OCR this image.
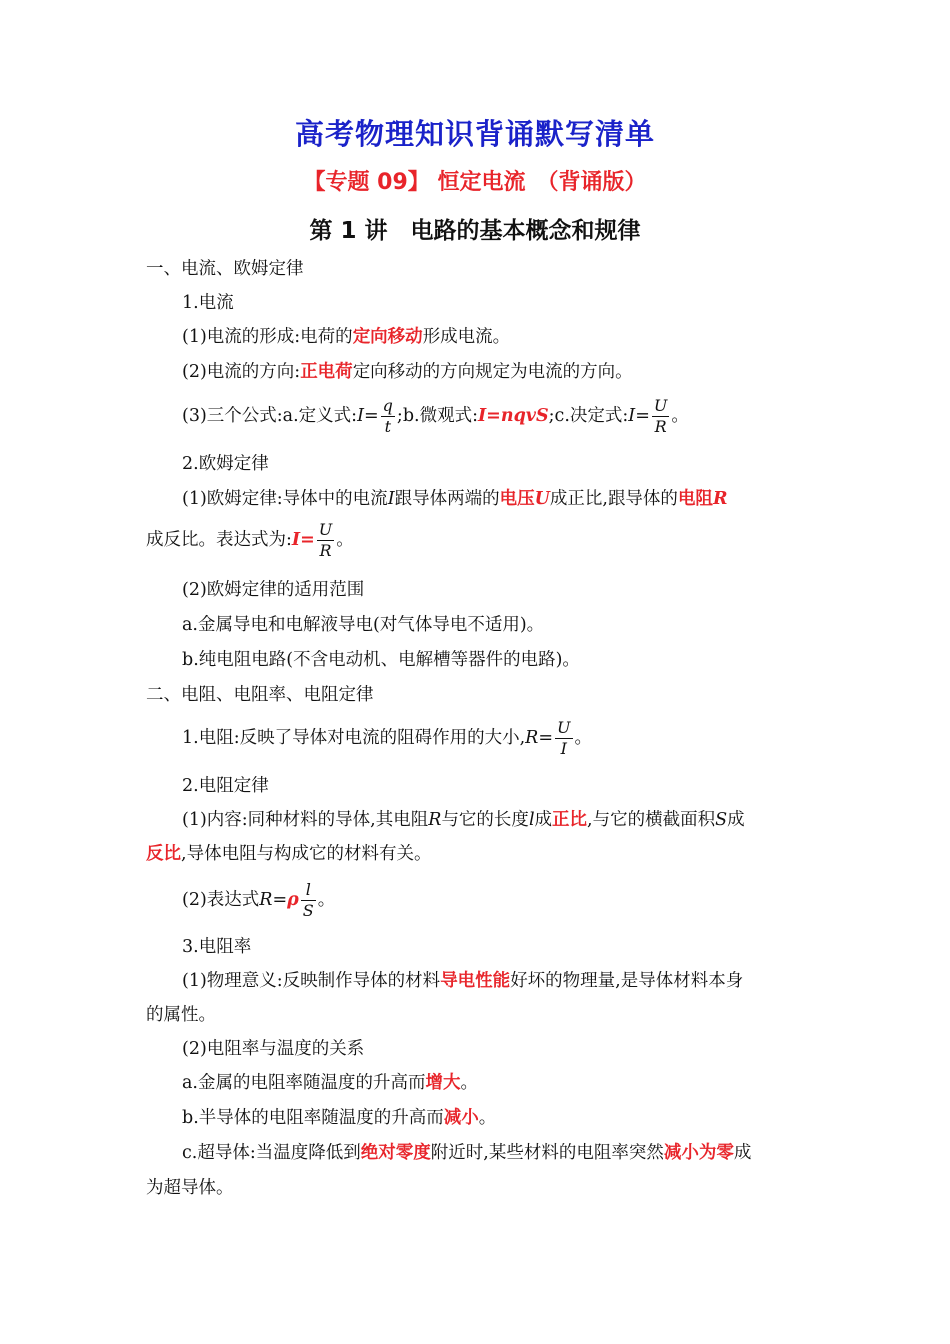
高考物理知识背诵默写清单
【专题 09】 恒定电流　 （背诵版）
第 1 讲　电路的基本概念和规律
一、电流、欧姆定律
1.电流
(1)电流的形成:电荷的定向移动形成电流。
(2)电流的方向:正电荷定向移动的方向规定为电流的方向。
(3)三个公式:a.定义式:I= $\frac{q}{t}$ ;b.微观式:I=nqvS;c.决定式:I= $\frac{U}{R}$ 。
2.欧姆定律
(1)欧姆定律:导体中的电流I跟导体两端的电压U成正比,跟导体的电阻R
成反比。表达式为:I= $\frac{U}{R}$ 。
(2)欧姆定律的适用范围
a.金属导电和电解液导电(对气体导电不适用)。
b.纯电阻电路(不含电动机、电解槽等器件的电路)。
二、电阻、电阻率、电阻定律
1.电阻:反映了导体对电流的阻碍作用的大小$,R= \frac{U}{I}$ 。
2.电阻定律
(1)内容:同种材料的导体,其电阻R与它的长度l成正比,与它的横截面积S成
反比,导体电阻与构成它的材料有关。
(2)表达式$R=\rho \frac{l}{S}$ 。
3.电阻率
(1)物理意义:反映制作导体的材料导电性能好坏的物理量,是导体材料本身
的属性。
(2)电阻率与温度的关系
a.金属的电阻率随温度的升高而增大。
b.半导体的电阻率随温度的升高而减小。
c.超导体:当温度降低到绝对零度附近时,某些材料的电阻率突然减小为零成
为超导体。
